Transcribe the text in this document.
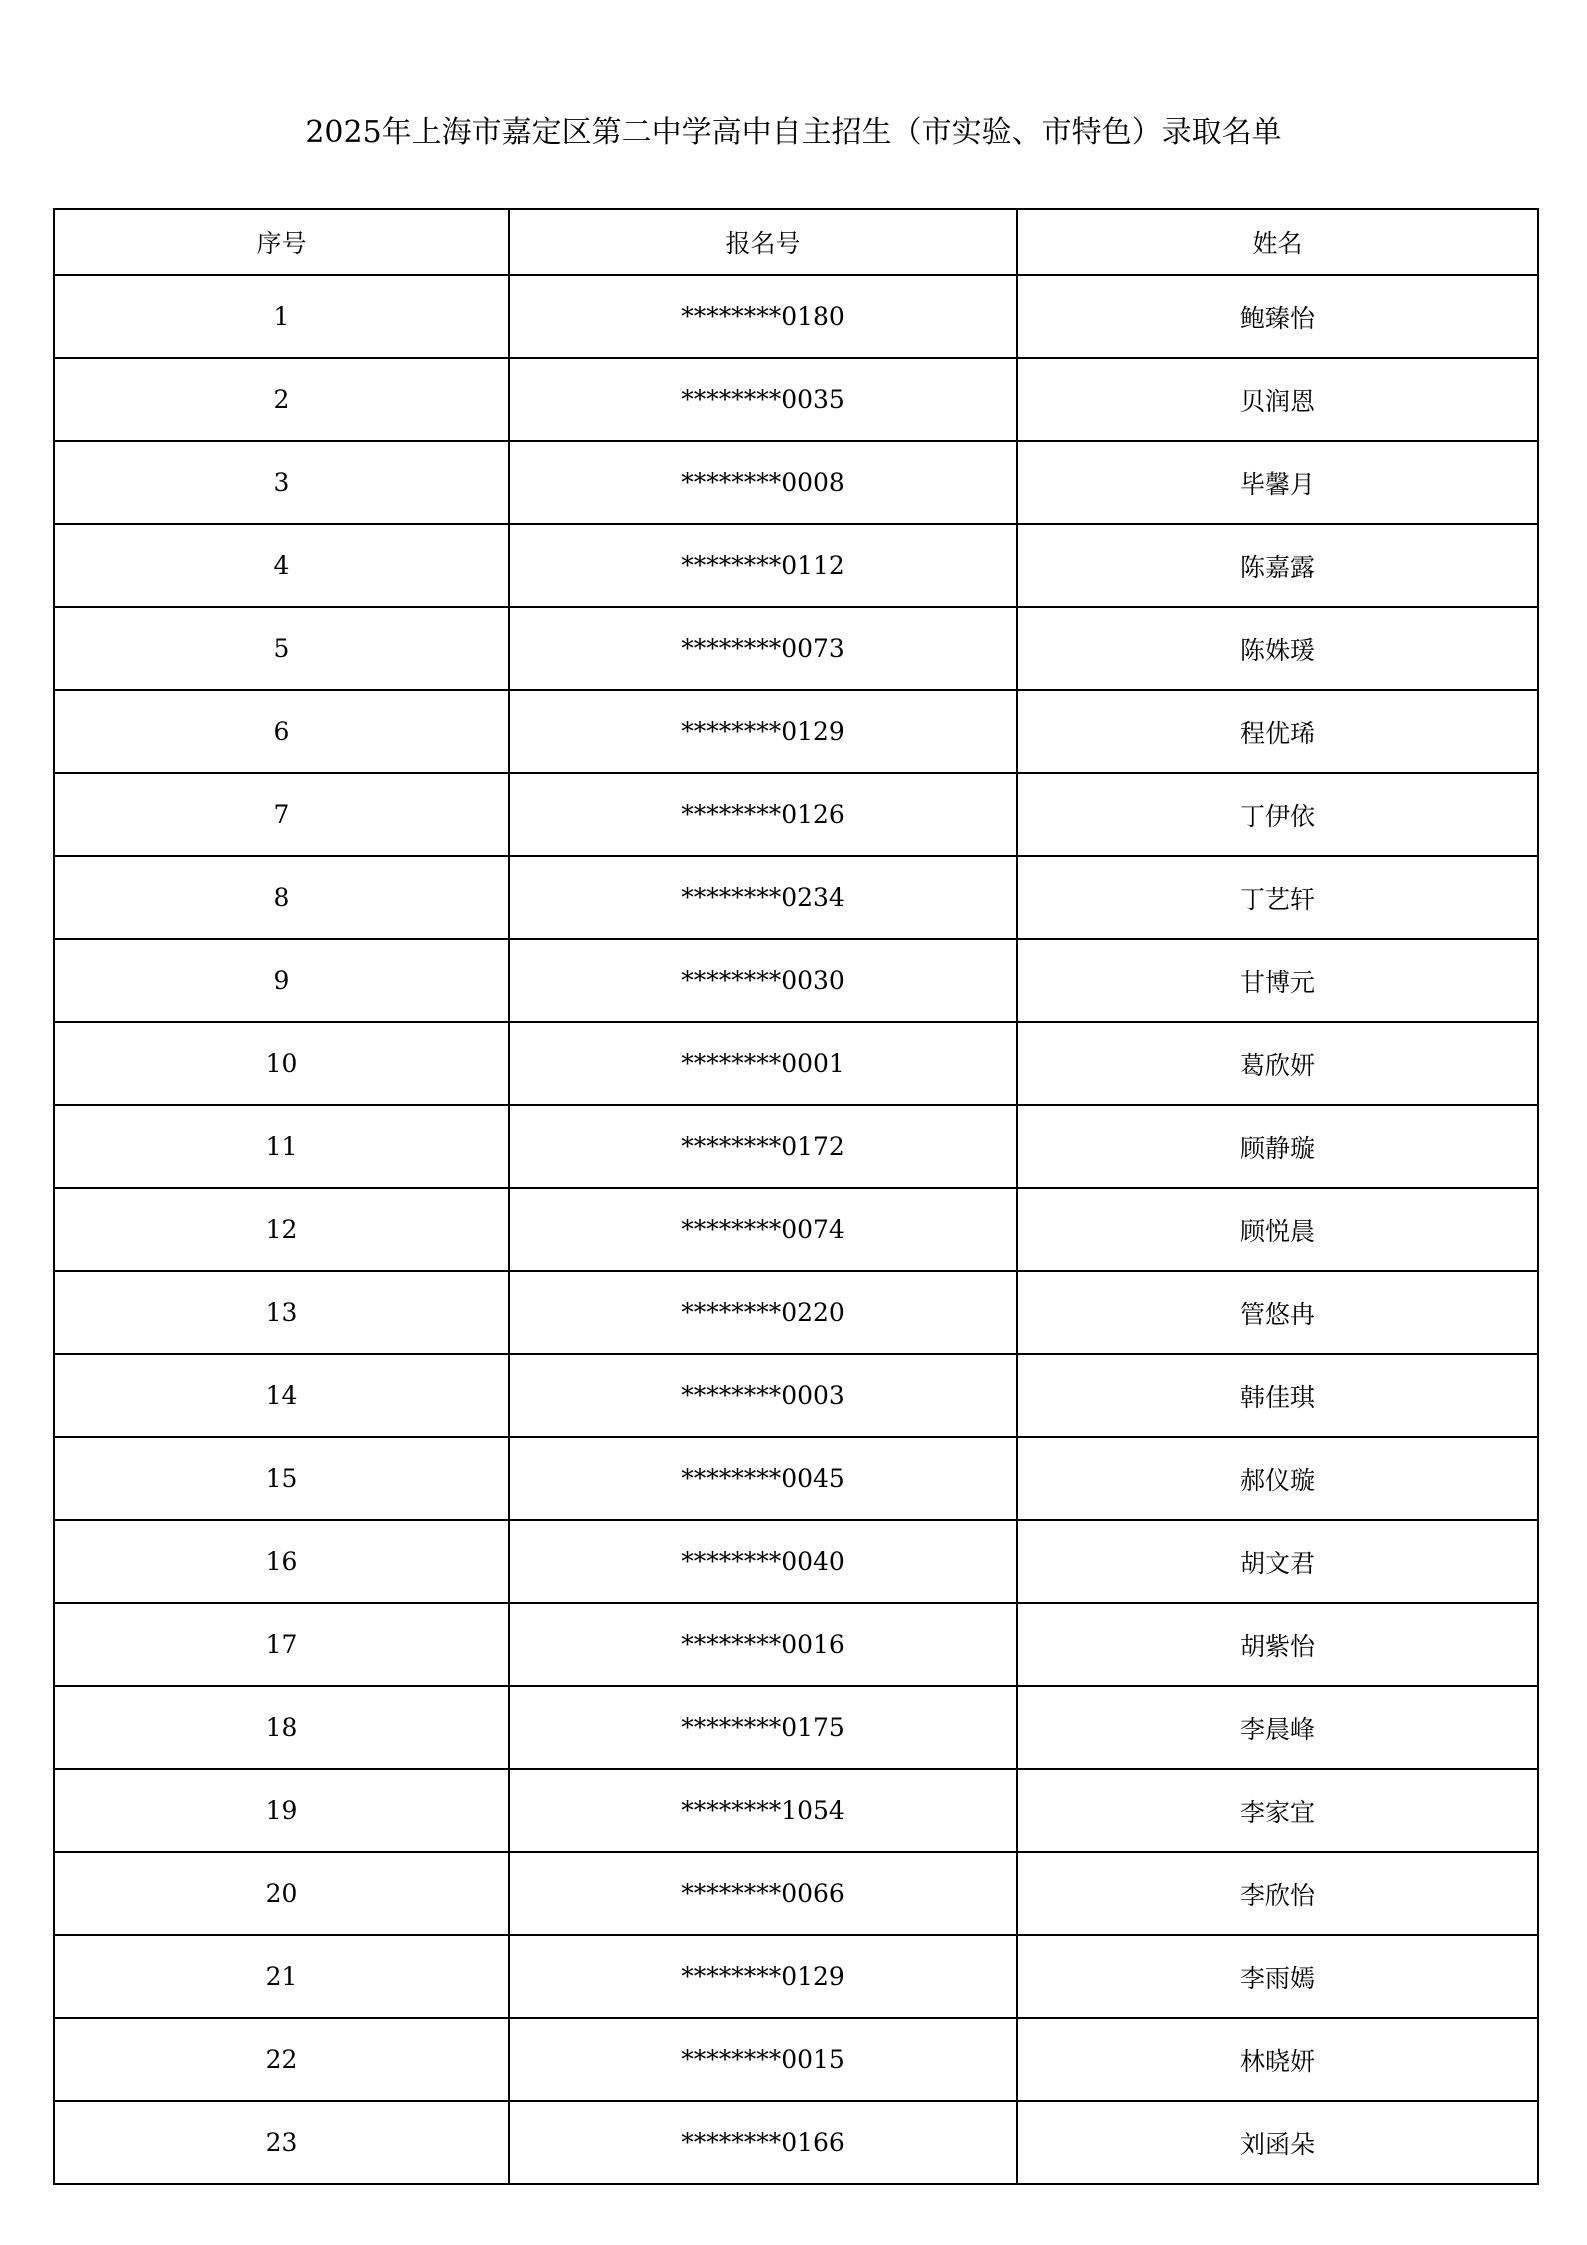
2025年上海市嘉定区第二中学高中自主招生（市实验、市特色）录取名单
序号	报名号	姓名
1	********0180	鲍臻怡
2	********0035	贝润恩
3	********0008	毕馨月
4	********0112	陈嘉露
5	********0073	陈姝瑗
6	********0129	程优琋
7	********0126	丁伊依
8	********0234	丁艺轩
9	********0030	甘博元
10	********0001	葛欣妍
11	********0172	顾静璇
12	********0074	顾悦晨
13	********0220	管悠冉
14	********0003	韩佳琪
15	********0045	郝仪璇
16	********0040	胡文君
17	********0016	胡紫怡
18	********0175	李晨峰
19	********1054	李家宜
20	********0066	李欣怡
21	********0129	李雨嫣
22	********0015	林晓妍
23	********0166	刘函朵
